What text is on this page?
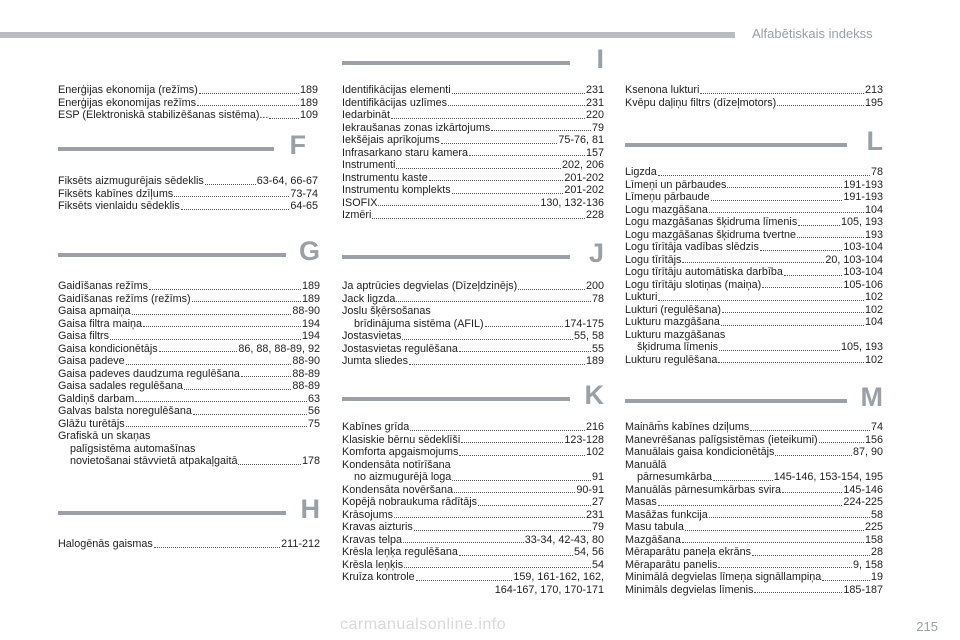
Alfabētiskais indekss
Enerģijas ekonomija (režīms)	189
Enerģijas ekonomijas režīms	189
ESP (Elektroniskā stabilizēšanas sistēma)...	109
F
Fiksēts aizmugurējais sēdeklis	63-64, 66-67
Fiksēts kabīnes dzīļums	73-74
Fiksēts vienlaidu sēdeklis	64-65
G
Gaidīšanas režīms	189
Gaidīšanas režīms (režīms)	189
Gaisa apmaiņa	88-90
Gaisa filtra maiņa	194
Gaisa filtrs	194
Gaisa kondicionētājs	86, 88, 88-89, 92
Gaisa padeve	88-90
Gaisa padeves daudzuma regulēšana	88-89
Gaisa sadales regulēšana	88-89
Galdiņš darbam	63
Galvas balsta noregulēšana	56
Glāžu turētājs	75
Grafiskā un skaņas
palīgsistēma automašīnas
novietošanai stāvvietā atpakaļgaitā	178
H
Halogēnās gaismas	211-212
I
Identifikācijas elementi	231
Identifikācijas uzlīmes	231
Iedarbināt	220
Iekraušanas zonas izkārtojums	79
Iekšējais aprīkojums	75-76, 81
Infrasarkano staru kamera	157
Instrumenti	202, 206
Instrumentu kaste	201-202
Instrumentu komplekts	201-202
ISOFIX	130, 132-136
Izmēri	228
J
Ja aptrūcies degvielas (Dīzeļdzinējs)	200
Jack ligzda	78
Joslu šķērsošanas
brīdinājuma sistēma (AFIL)	174-175
Jostasvietas	55, 58
Jostasvietas regulēšana	55
Jumta sliedes	189
K
Kabīnes grīda	216
Klasiskie bērnu sēdeklīši	123-128
Komforta apgaismojums	102
Kondensāta notīrīšana
no aizmugurējā loga	91
Kondensāta novēršana	90-91
Kopējā nobraukuma rādītājs	27
Krāsojums	231
Kravas aizturis	79
Kravas telpa	33-34, 42-43, 80
Krēsla leņķa regulēšana	54, 56
Krēsla leņķis	54
Kruīza kontrole	159, 161-162, 162,
164-167, 170, 170-171
Ksenona lukturi	213
Kvēpu daļiņu filtrs (dīzeļmotors)	195
L
Ligzda	78
Līmeņi un pārbaudes	191-193
Līmeņu pārbaude	191-193
Logu mazgāšana	104
Logu mazgāšanas šķidruma līmenis	105, 193
Logu mazgāšanas šķidruma tvertne	193
Logu tīrītāja vadības slēdzis	103-104
Logu tīrītājs	20, 103-104
Logu tīrītāju automātiska darbība	103-104
Logu tīrītāju slotiņas (maiņa)	105-106
Lukturi	102
Lukturi (regulēšana)	102
Lukturu mazgāšana	104
Lukturu mazgāšanas
šķidruma līmenis	105, 193
Lukturu regulēšana	102
M
Mainām̄s kabīnes dziļums	74
Manevrēšanas palīgsistēmas (ieteikumi)	156
Manuālais gaisa kondicionētājs	87, 90
Manuālā
pārnesumkārba	145-146, 153-154, 195
Manuālās pārnesumkārbas svira	145-146
Masas	224-225
Masāžas funkcija	58
Masu tabula	225
Mazgāšana	158
Mēraparātu paneļa ekrāns	28
Mēraparātu panelis	9, 158
Minimālā degvielas līmeņa signāllampiņa	19
Minimāls degvielas līmenis	185-187
carmanualsonline.info	215
